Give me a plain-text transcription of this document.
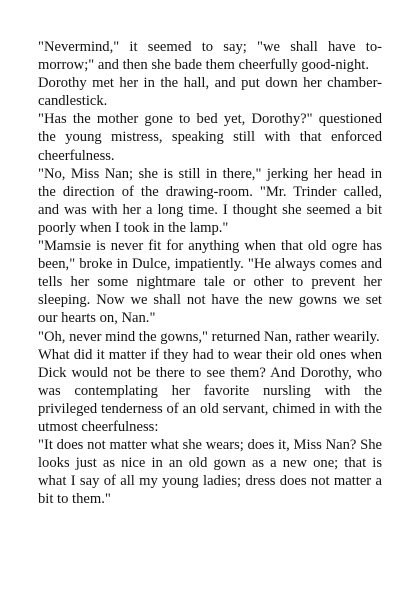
"Nevermind," it seemed to say; "we shall have to-morrow;" and then she bade them cheerfully good-night.

Dorothy met her in the hall, and put down her chamber-candlestick.

"Has the mother gone to bed yet, Dorothy?" questioned the young mistress, speaking still with that enforced cheerfulness.

"No, Miss Nan; she is still in there," jerking her head in the direction of the drawing-room. "Mr. Trinder called, and was with her a long time. I thought she seemed a bit poorly when I took in the lamp."

"Mamsie is never fit for anything when that old ogre has been," broke in Dulce, impatiently. "He always comes and tells her some nightmare tale or other to prevent her sleeping. Now we shall not have the new gowns we set our hearts on, Nan."

"Oh, never mind the gowns," returned Nan, rather wearily.

What did it matter if they had to wear their old ones when Dick would not be there to see them? And Dorothy, who was contemplating her favorite nursling with the privileged tenderness of an old servant, chimed in with the utmost cheerfulness:

"It does not matter what she wears; does it, Miss Nan? She looks just as nice in an old gown as a new one; that is what I say of all my young ladies; dress does not matter a bit to them."
